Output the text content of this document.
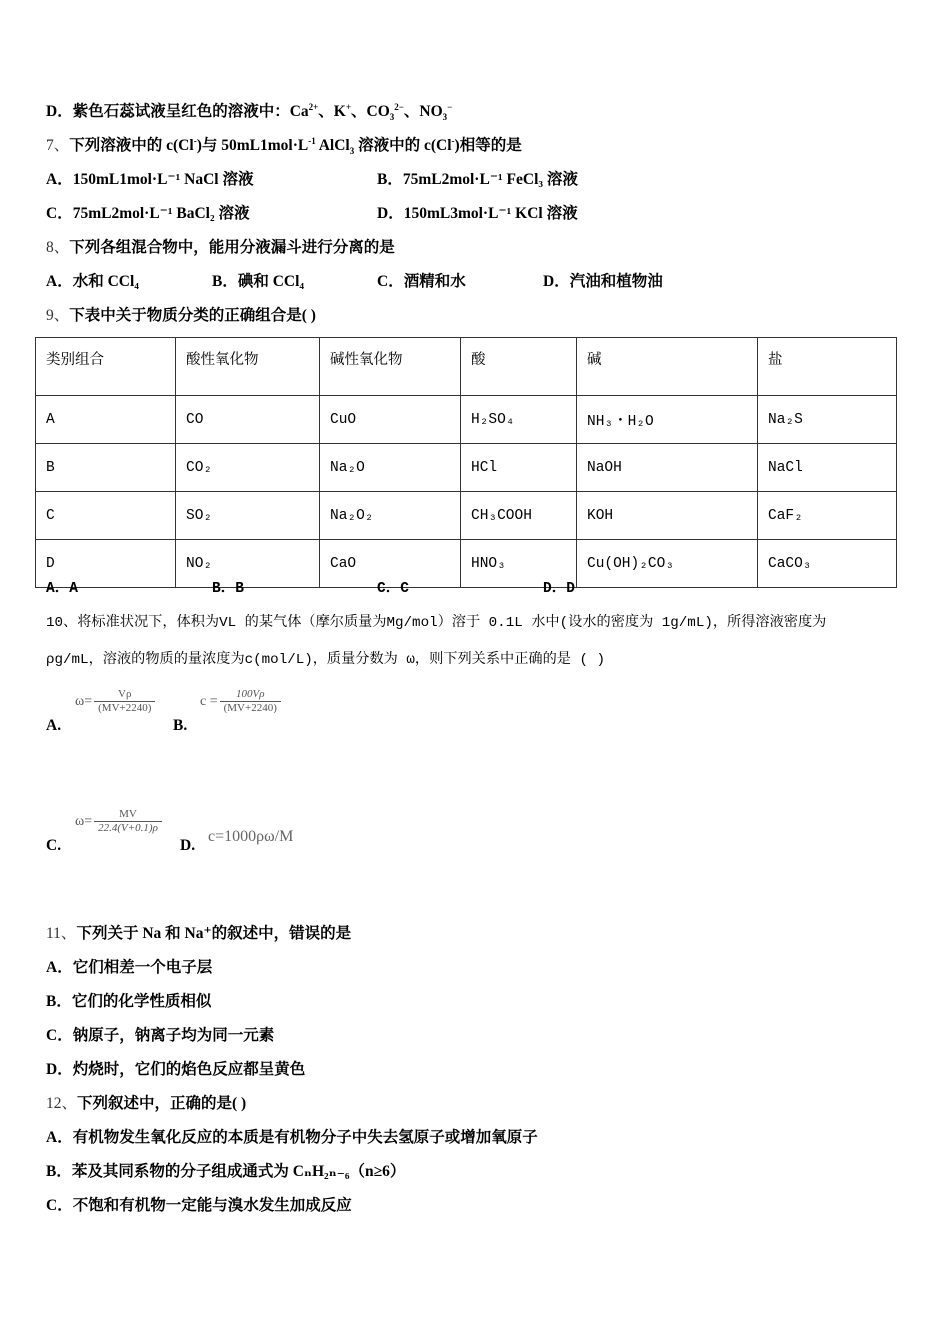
D．紫色石蕊试液呈红色的溶液中：$Ca^{2+}$、K+、$CO_3^{2-}$、$NO_3^-$
7、下列溶液中的 c(Cl-)与 $50mL1mol\cdot L^{-1}$ AlCl$_3$ 溶液中的 c(Cl-)相等的是
A．150mL1mol·L⁻¹ NaCl 溶液	B．75mL2mol·L⁻¹ FeCl₃ 溶液
C．75mL2mol·L⁻¹ BaCl₂ 溶液	D．150mL3mol·L⁻¹ KCl 溶液
8、下列各组混合物中，能用分液漏斗进行分离的是
A．水和 CCl₄	B．碘和 CCl₄	C．酒精和水	D．汽油和植物油
9、下表中关于物质分类的正确组合是( )
类别组合	酸性氧化物	碱性氧化物	酸	碱	盐
A	CO	CuO	H₂SO₄	NH₃・H₂O	Na₂S
B	CO₂	Na₂O	HCl	NaOH	NaCl
C	SO₂	Na₂O₂	CH₃COOH	KOH	CaF₂
D	NO₂	CaO	HNO₃	Cu(OH)₂CO₃	CaCO₃
A．A	B．B	C．C	D．D
10、将标准状况下，体积为VL 的某气体（摩尔质量为Mg/mol）溶于 0.1L 水中(设水的密度为 1g/mL)，所得溶液密度为
ρg/mL，溶液的物质的量浓度为c(mol/L)，质量分数为 ω，则下列关系中正确的是 ( )
A.
$\omega= \frac{V\rho}{(MV+2240)}$
B.
$c = \frac{100V\rho}{(MV+2240)}$
C.
$\omega= \frac{MV}{22.4(V+0.1)\rho}$
D.
c=1000ρω/M
11、下列关于 Na 和 Na⁺的叙述中，错误的是
A．它们相差一个电子层
B．它们的化学性质相似
C．钠原子，钠离子均为同一元素
D．灼烧时，它们的焰色反应都呈黄色
12、下列叙述中，正确的是( )
A．有机物发生氧化反应的本质是有机物分子中失去氢原子或增加氧原子
B．苯及其同系物的分子组成通式为 CₙH₂ₙ₋₆（n≥6）
C．不饱和有机物一定能与溴水发生加成反应
